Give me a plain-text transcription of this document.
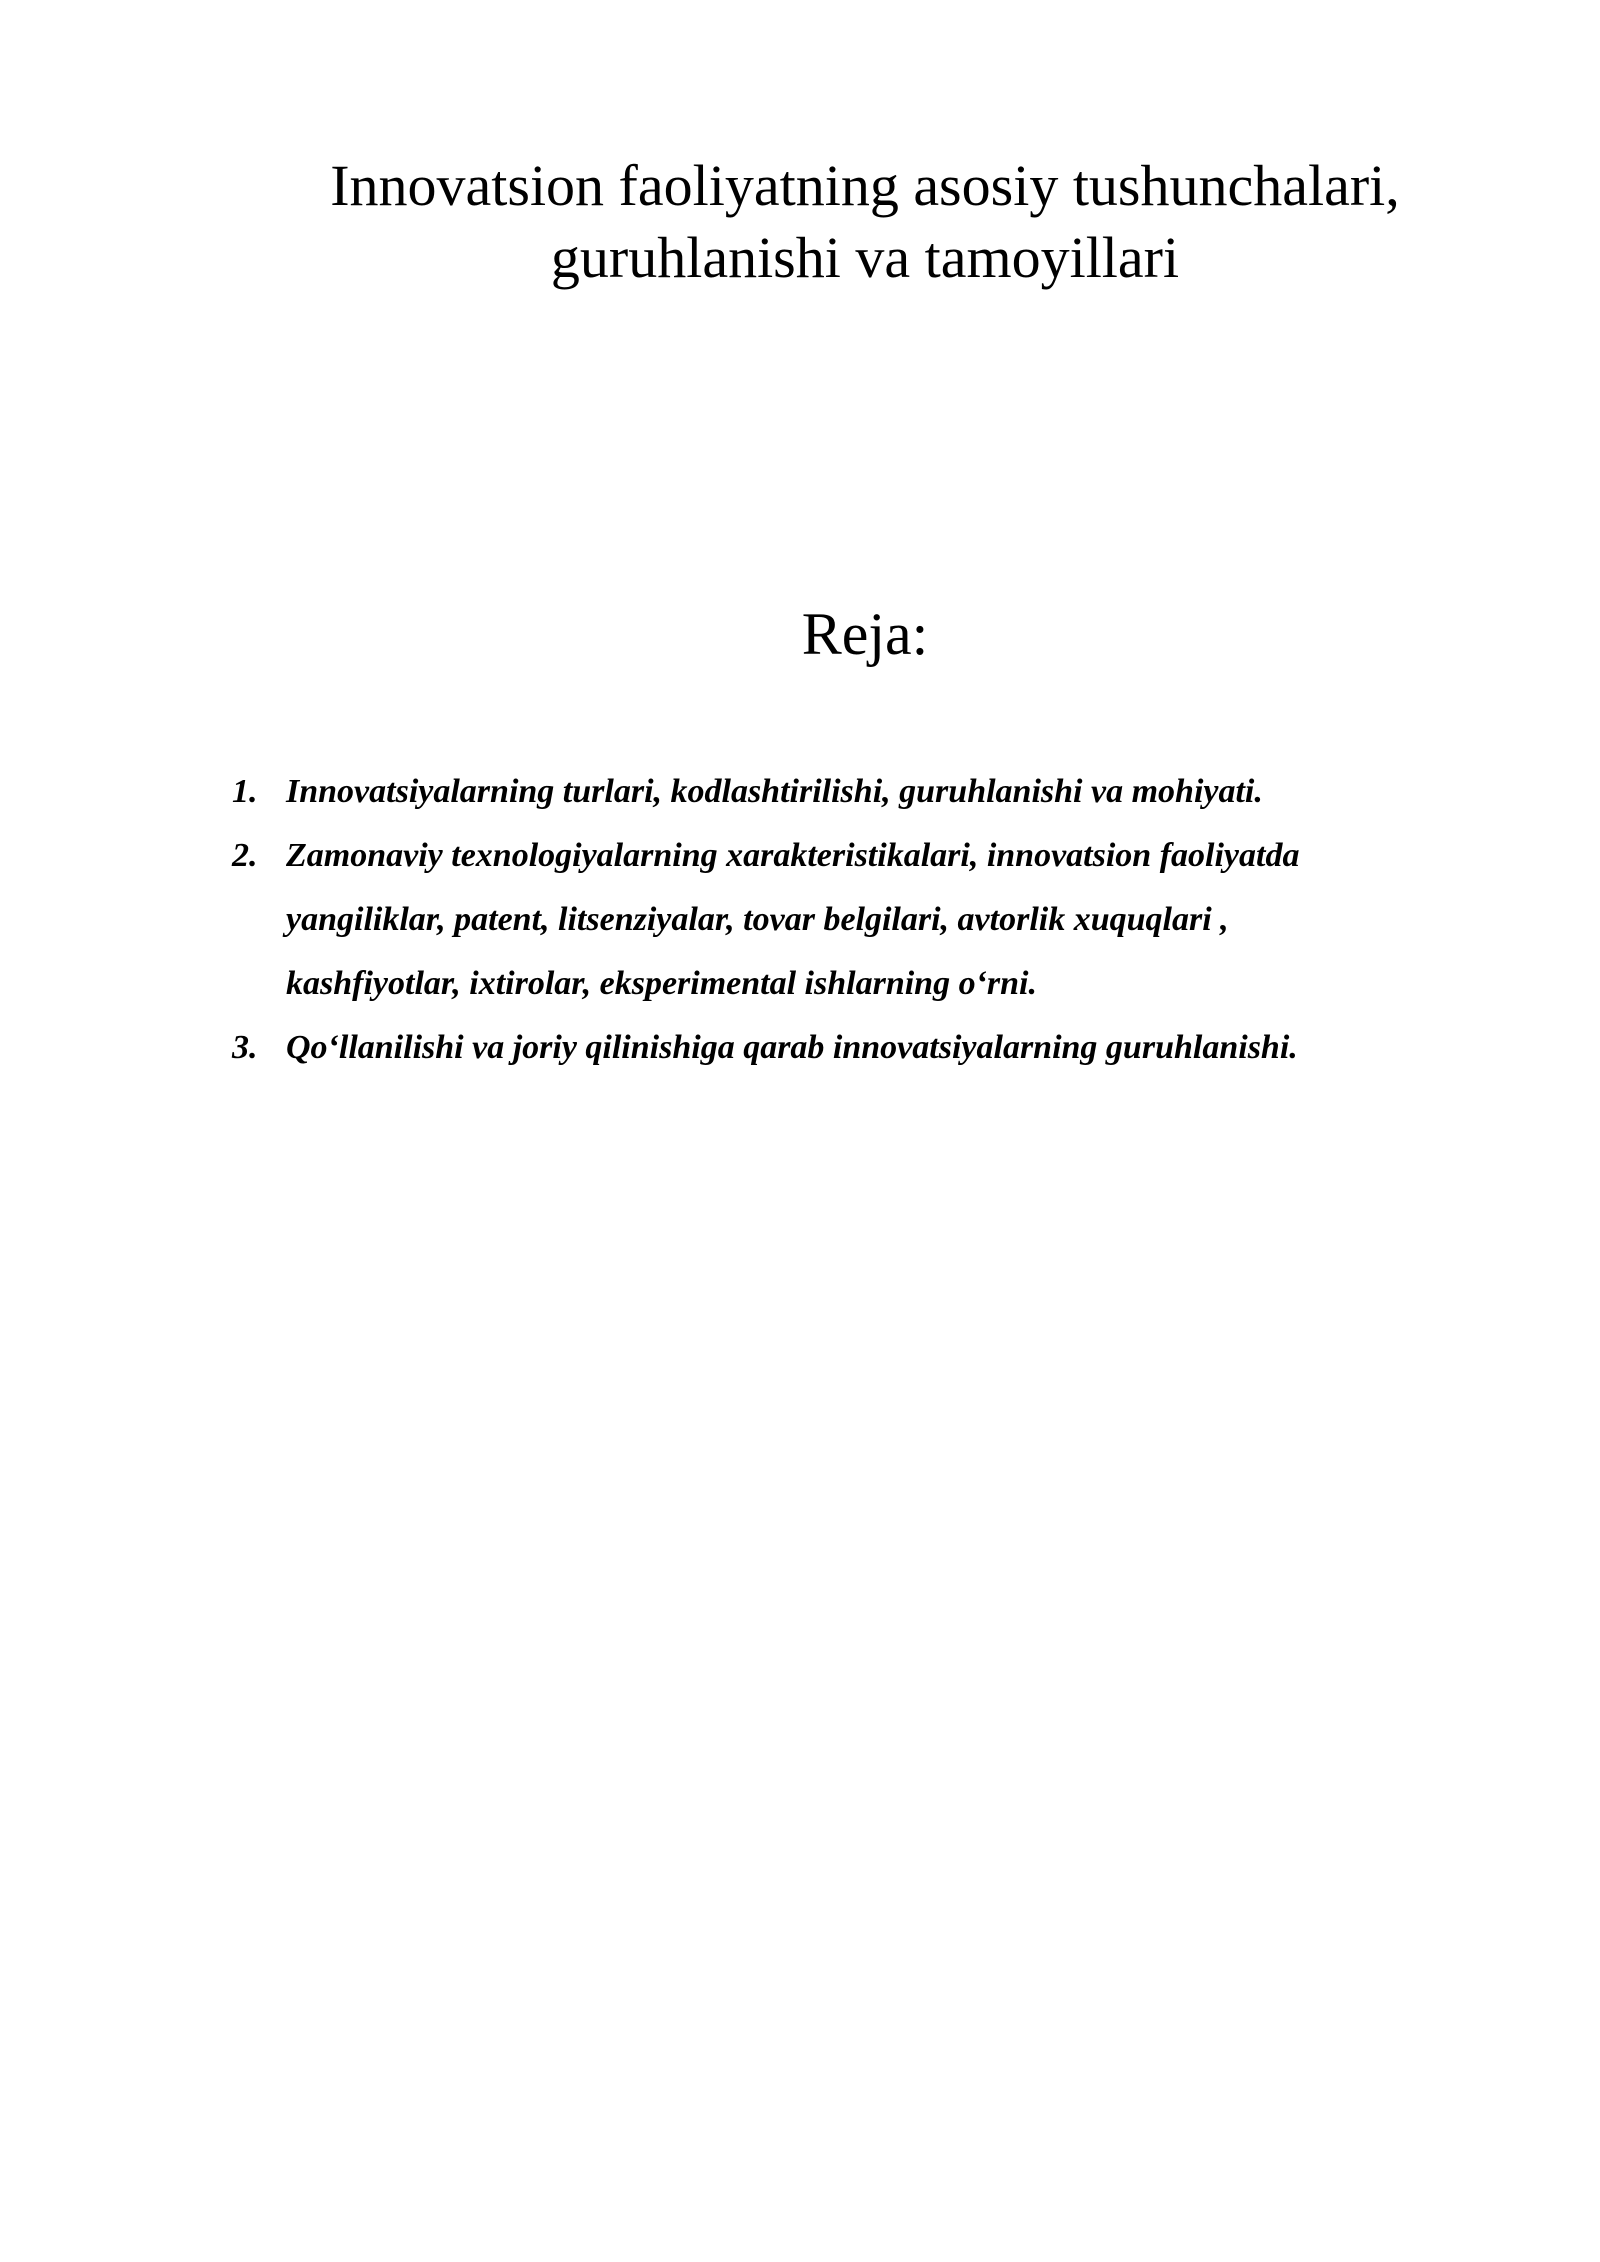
Innovatsion faoliyatning asosiy tushunchalari,
guruhlanishi va tamoyillari
Reja:
1. Innovatsiyalarning turlari, kodlashtirilishi, guruhlanishi va mohiyati.
2. Zamonaviy texnologiyalarning xarakteristikalari, innovatsion faoliyatda
yangiliklar, patent, litsenziyalar, tovar belgilari, avtorlik xuquqlari ,
kashfiyotlar, ixtirolar, eksperimental ishlarning o‘rni.
3. Qo‘llanilishi va joriy qilinishiga qarab innovatsiyalarning guruhlanishi.
